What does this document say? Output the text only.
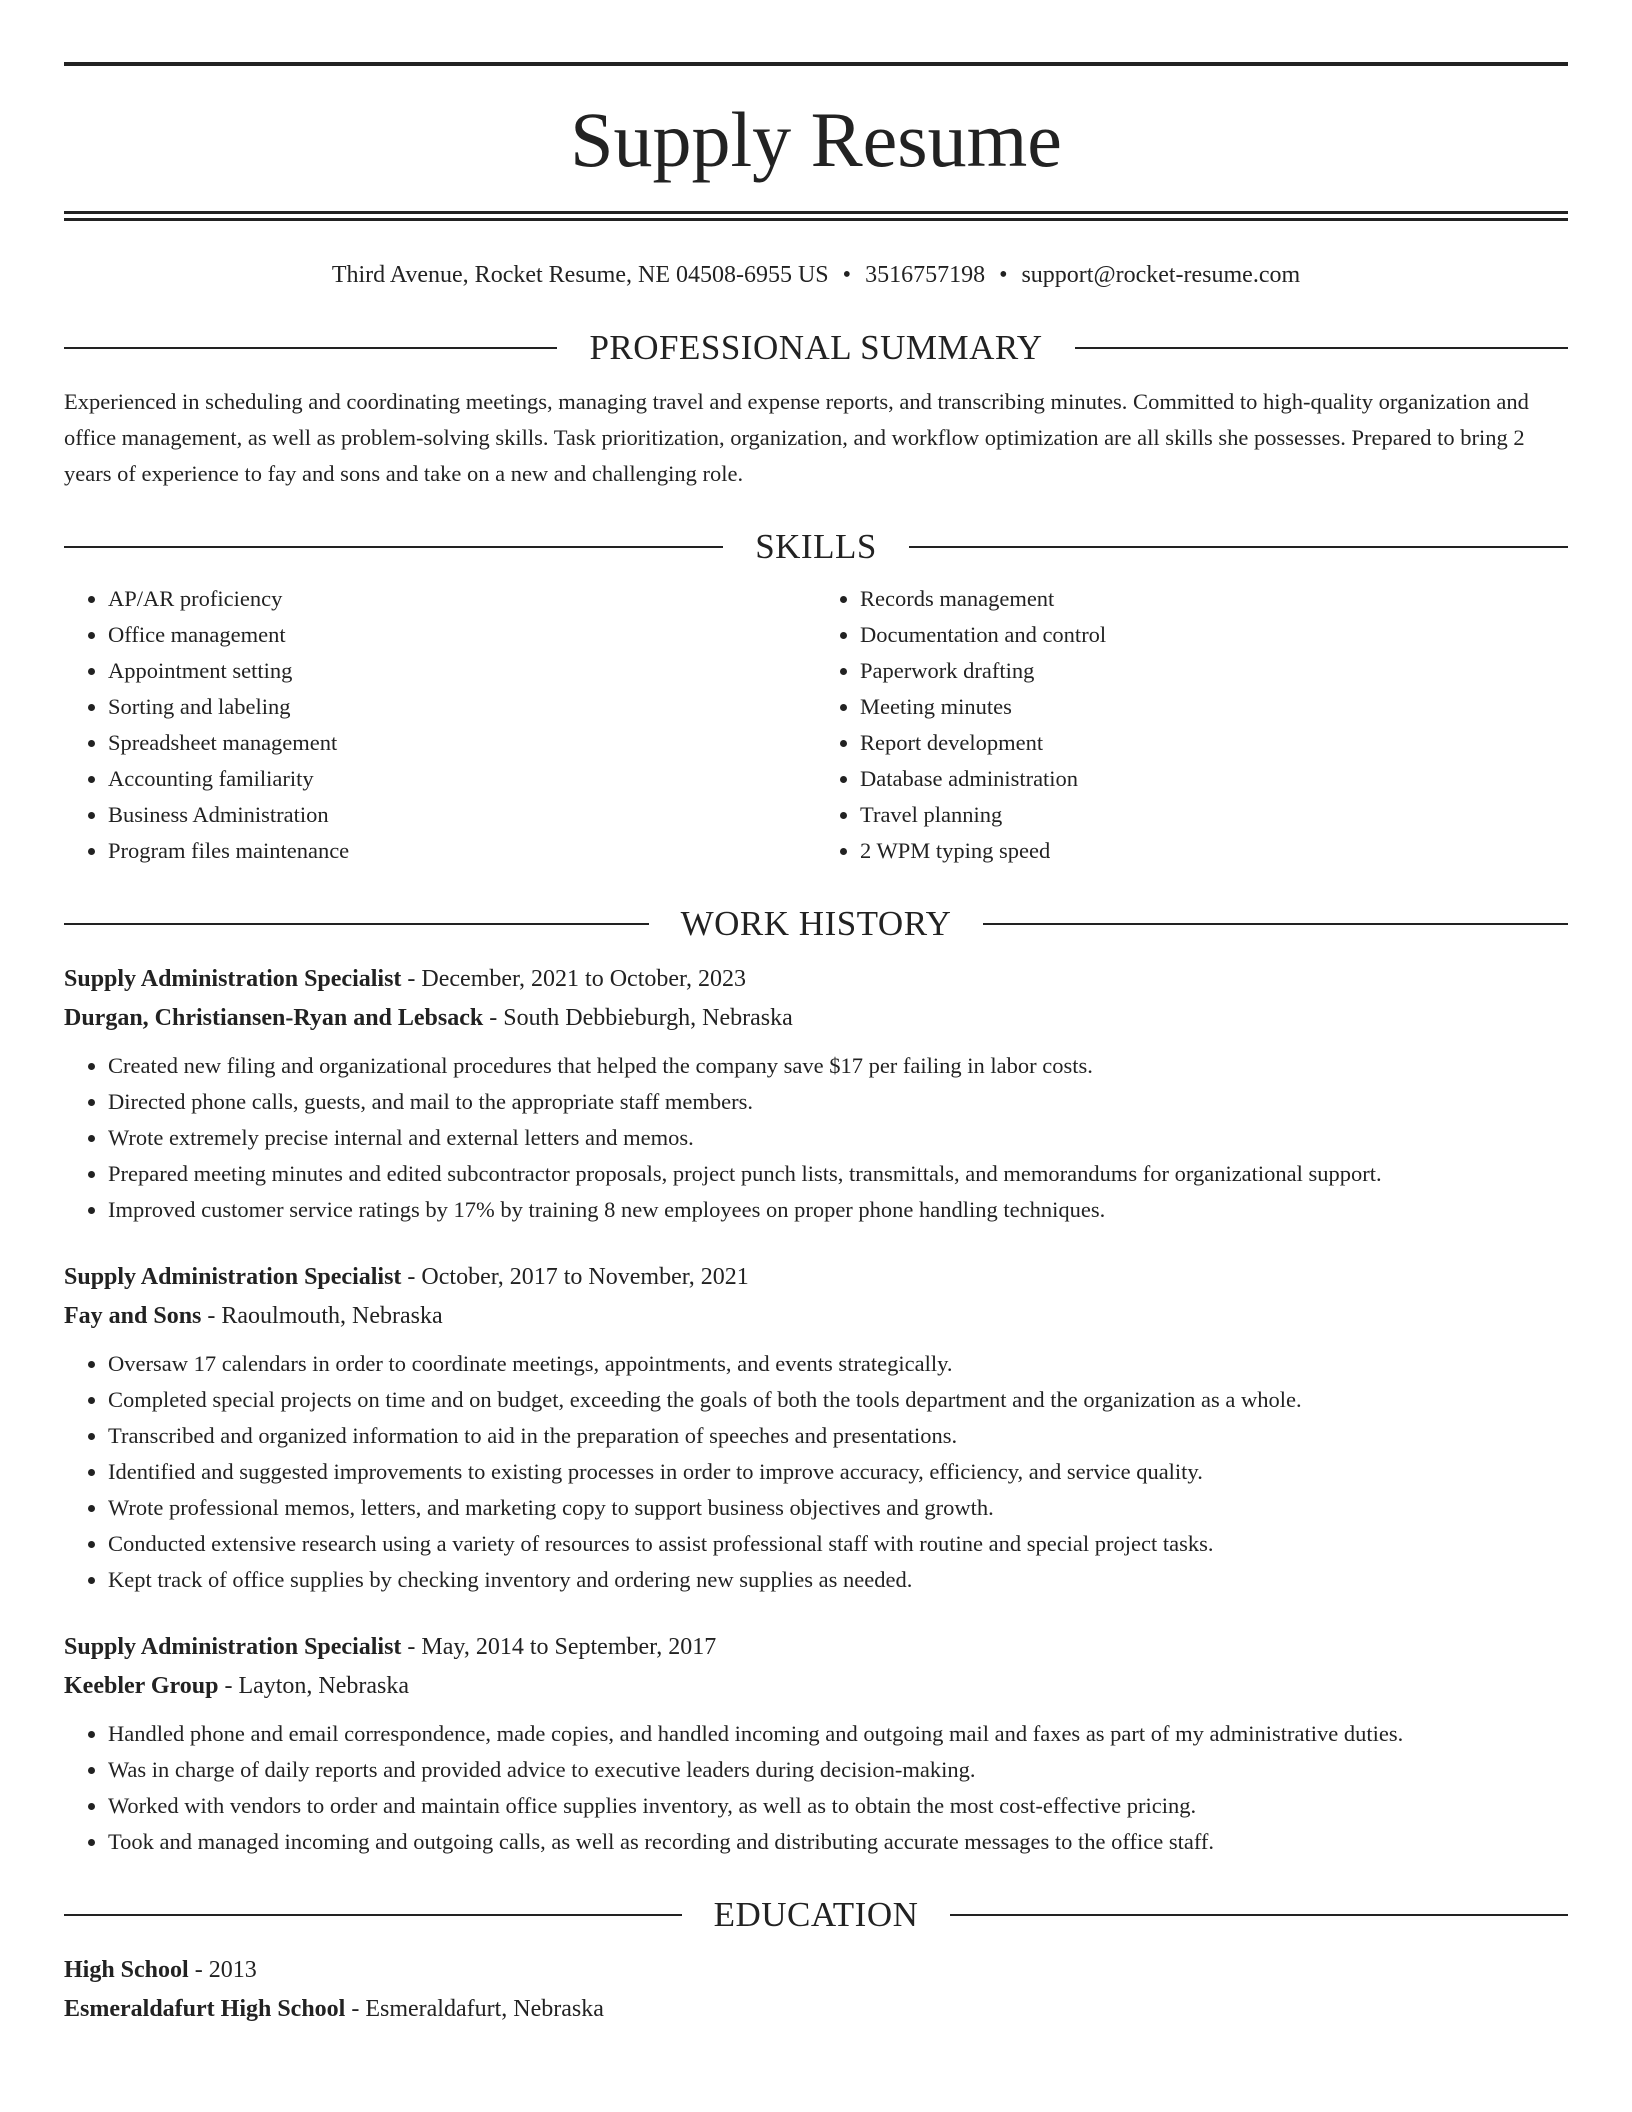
Supply Resume
Third Avenue, Rocket Resume, NE 04508-6955 US • 3516757198 • support@rocket-resume.com
PROFESSIONAL SUMMARY
Experienced in scheduling and coordinating meetings, managing travel and expense reports, and transcribing minutes. Committed to high-quality organization and office management, as well as problem-solving skills. Task prioritization, organization, and workflow optimization are all skills she possesses. Prepared to bring 2 years of experience to fay and sons and take on a new and challenging role.
SKILLS
• AP/AR proficiency
• Office management
• Appointment setting
• Sorting and labeling
• Spreadsheet management
• Accounting familiarity
• Business Administration
• Program files maintenance
• Records management
• Documentation and control
• Paperwork drafting
• Meeting minutes
• Report development
• Database administration
• Travel planning
• 2 WPM typing speed
WORK HISTORY
Supply Administration Specialist - December, 2021 to October, 2023
Durgan, Christiansen-Ryan and Lebsack - South Debbieburgh, Nebraska
• Created new filing and organizational procedures that helped the company save $17 per failing in labor costs.
• Directed phone calls, guests, and mail to the appropriate staff members.
• Wrote extremely precise internal and external letters and memos.
• Prepared meeting minutes and edited subcontractor proposals, project punch lists, transmittals, and memorandums for organizational support.
• Improved customer service ratings by 17% by training 8 new employees on proper phone handling techniques.
Supply Administration Specialist - October, 2017 to November, 2021
Fay and Sons - Raoulmouth, Nebraska
• Oversaw 17 calendars in order to coordinate meetings, appointments, and events strategically.
• Completed special projects on time and on budget, exceeding the goals of both the tools department and the organization as a whole.
• Transcribed and organized information to aid in the preparation of speeches and presentations.
• Identified and suggested improvements to existing processes in order to improve accuracy, efficiency, and service quality.
• Wrote professional memos, letters, and marketing copy to support business objectives and growth.
• Conducted extensive research using a variety of resources to assist professional staff with routine and special project tasks.
• Kept track of office supplies by checking inventory and ordering new supplies as needed.
Supply Administration Specialist - May, 2014 to September, 2017
Keebler Group - Layton, Nebraska
• Handled phone and email correspondence, made copies, and handled incoming and outgoing mail and faxes as part of my administrative duties.
• Was in charge of daily reports and provided advice to executive leaders during decision-making.
• Worked with vendors to order and maintain office supplies inventory, as well as to obtain the most cost-effective pricing.
• Took and managed incoming and outgoing calls, as well as recording and distributing accurate messages to the office staff.
EDUCATION
High School - 2013
Esmeraldafurt High School - Esmeraldafurt, Nebraska
